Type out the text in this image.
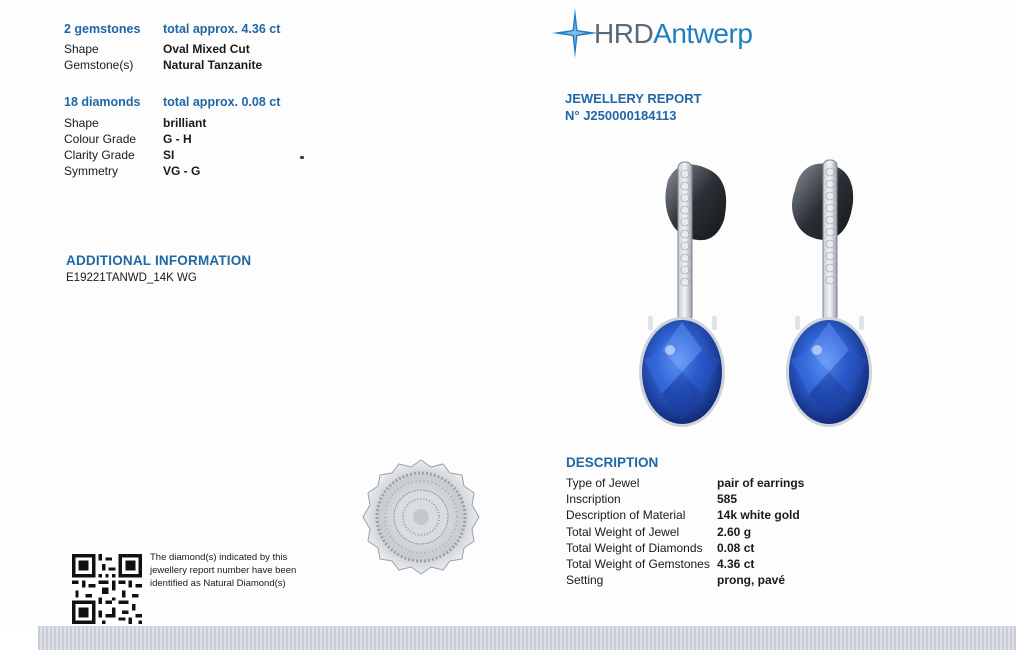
2 gemstones total approx. 4.36 ct
Shape	Oval Mixed Cut
Gemstone(s) Natural Tanzanite
18 diamonds total approx. 0.08 ct
Shape	brilliant
Colour Grade G - H
Clarity Grade SI
Symmetry	VG - G
ADDITIONAL INFORMATION
E19221TANWD_14K WG
The diamond(s) indicated by this jewellery report number have been identified as Natural Diamond(s)
HRDAntwerp
JEWELLERY REPORT
N° J250000184113
DESCRIPTION
Type of Jewel	pair of earrings
Inscription	585
Description of Material	14k white gold
Total Weight of Jewel	2.60 g
Total Weight of Diamonds 0.08 ct
Total Weight of Gemstones 4.36 ct
Setting	prong, pavé
